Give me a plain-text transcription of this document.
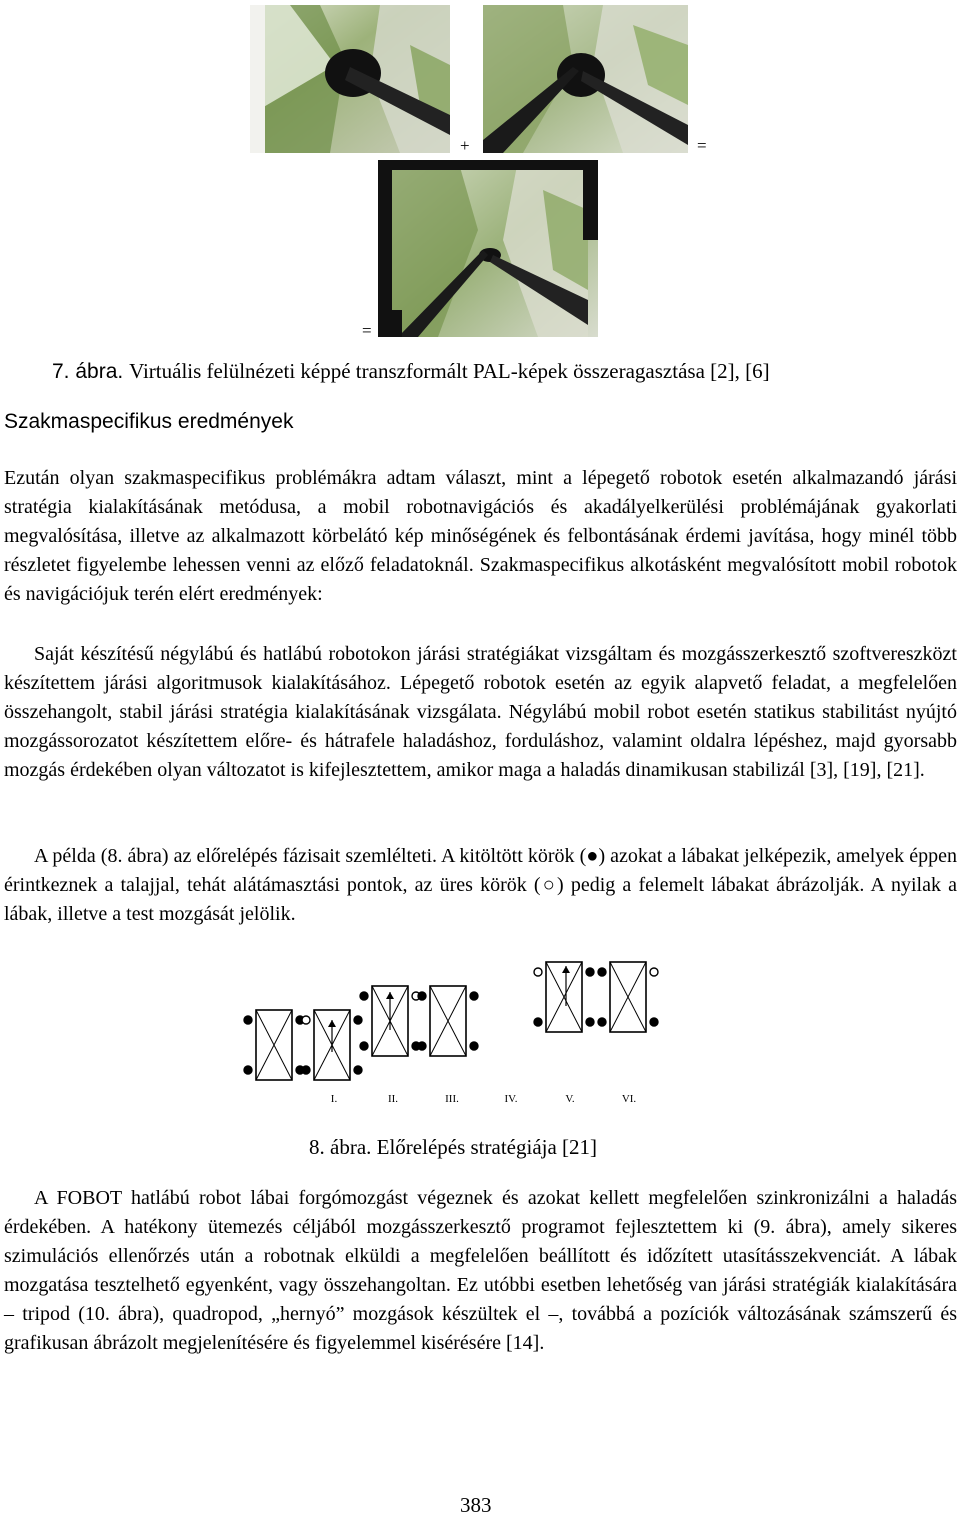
+	=
=
7. ábra. Virtuális felülnézeti képpé transzformált PAL-képek összeragasztása [2], [6]
Szakmaspecifikus eredmények

Ezután olyan szakmaspecifikus problémákra adtam választ, mint a lépegető robotok esetén alkalmazandó járási stratégia kialakításának metódusa, a mobil robotnavigációs és akadályelkerülési problémájának gyakorlati megvalósítása, illetve az alkalmazott körbelátó kép minőségének és felbontásának érdemi javítása, hogy minél több részletet figyelembe lehessen venni az előző feladatoknál. Szakmaspecifikus alkotásként megvalósított mobil robotok és navigációjuk terén elért eredmények:

Saját készítésű négylábú és hatlábú robotokon járási stratégiákat vizsgáltam és mozgásszerkesztő szoftvereszközt készítettem járási algoritmusok kialakításához. Lépegető robotok esetén az egyik alapvető feladat, a megfelelően összehangolt, stabil járási stratégia kialakításának vizsgálata. Négylábú mobil robot esetén statikus stabilitást nyújtó mozgássorozatot készítettem előre- és hátrafele haladáshoz, forduláshoz, valamint oldalra lépéshez, majd gyorsabb mozgás érdekében olyan változatot is kifejlesztettem, amikor maga a haladás dinamikusan stabilizál [3], [19], [21].

A példa (8. ábra) az előrelépés fázisait szemlélteti. A kitöltött körök (●) azokat a lábakat jelképezik, amelyek éppen érintkeznek a talajjal, tehát alátámasztási pontok, az üres körök (○) pedig a felemelt lábakat ábrázolják. A nyilak a lábak, illetve a test mozgását jelölik.

I.	II.	III.	IV.	V.	VI.
8. ábra. Előrelépés stratégiája [21]

A FOBOT hatlábú robot lábai forgómozgást végeznek és azokat kellett megfelelően szinkronizálni a haladás érdekében. A hatékony ütemezés céljából mozgásszerkesztő programot fejlesztettem ki (9. ábra), amely sikeres szimulációs ellenőrzés után a robotnak elküldi a megfelelően beállított és időzített utasításszekvenciát. A lábak mozgatása tesztelhető egyenként, vagy összehangoltan. Ez utóbbi esetben lehetőség van járási stratégiák kialakítására – tripod (10. ábra), quadropod, „hernyó” mozgások készültek el –, továbbá a pozíciók változásának számszerű és grafikusan ábrázolt megjelenítésére és figyelemmel kisérésére [14].

383
